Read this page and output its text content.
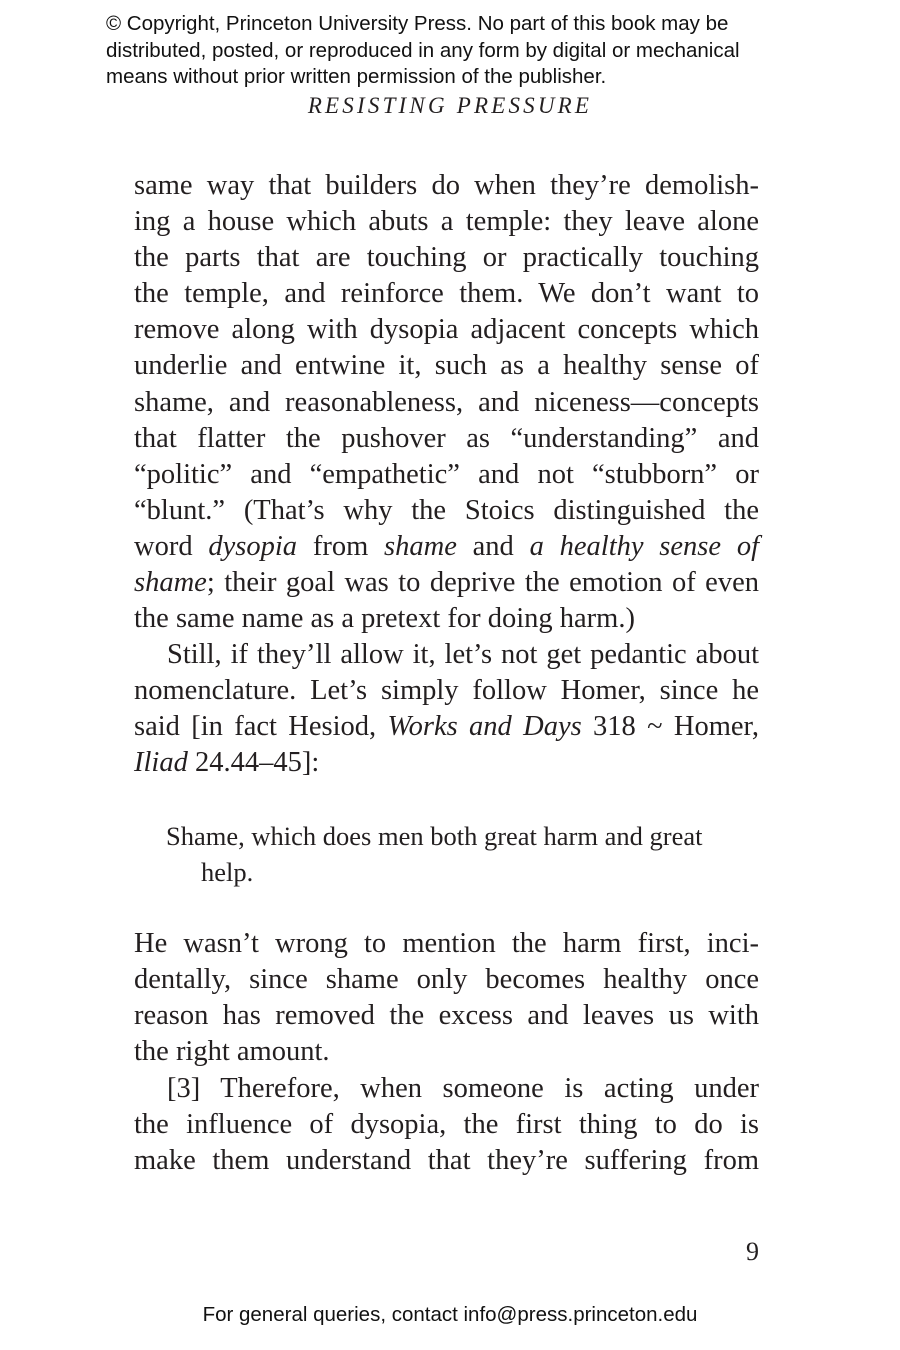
© Copyright, Princeton University Press. No part of this book may be
distributed, posted, or reproduced in any form by digital or mechanical
means without prior written permission of the publisher.
RESISTING PRESSURE
same way that builders do when they’re demolish-
ing a house which abuts a temple: they leave alone
the parts that are touching or practically touching
the temple, and reinforce them. We don’t want to
remove along with dysopia adjacent concepts which
underlie and entwine it, such as a healthy sense of
shame, and reasonableness, and niceness—concepts
that flatter the pushover as “understanding” and
“politic” and “empathetic” and not “stubborn” or
“blunt.” (That’s why the Stoics distinguished the
word dysopia from shame and a healthy sense of
shame; their goal was to deprive the emotion of even
the same name as a pretext for doing harm.)
Still, if they’ll allow it, let’s not get pedantic about
nomenclature. Let’s simply follow Homer, since he
said [in fact Hesiod, Works and Days 318 ~ Homer,
Iliad 24.44–45]:
Shame, which does men both great harm and great
help.
He wasn’t wrong to mention the harm first, inci-
dentally, since shame only becomes healthy once
reason has removed the excess and leaves us with
the right amount.
[3] Therefore, when someone is acting under
the influence of dysopia, the first thing to do is
make them understand that they’re suffering from
9
For general queries, contact info@press.princeton.edu
